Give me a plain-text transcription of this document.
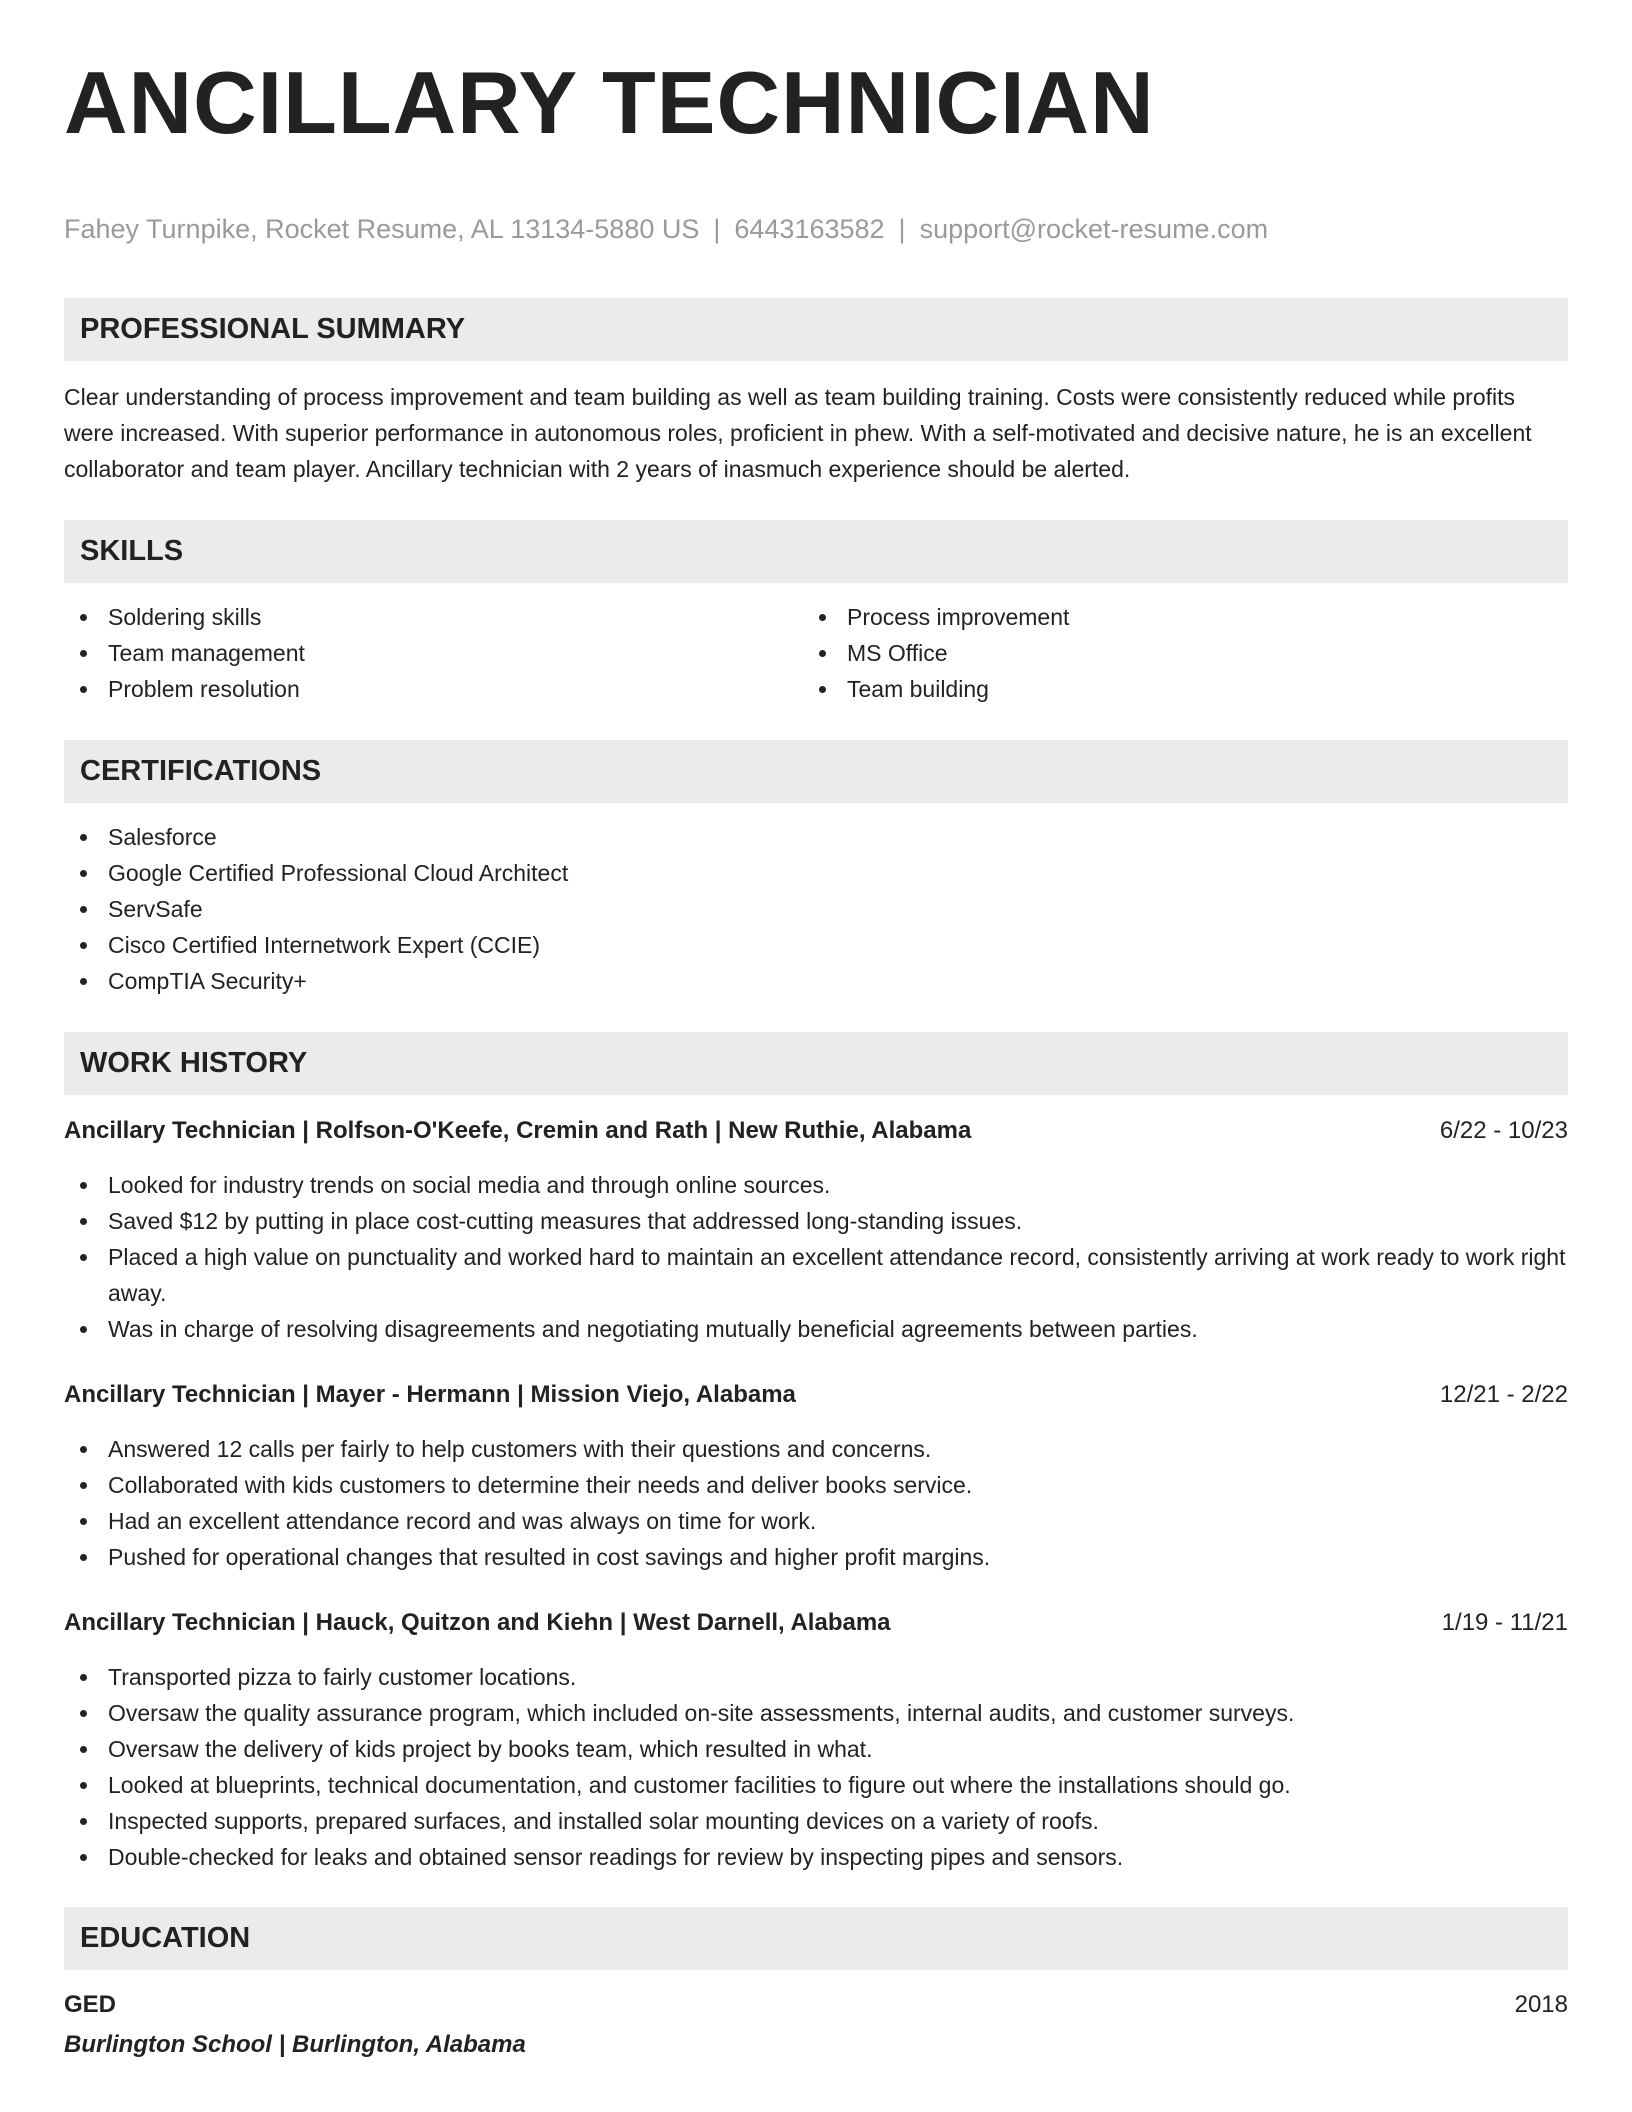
ANCILLARY TECHNICIAN
Fahey Turnpike, Rocket Resume, AL 13134-5880 US | 6443163582 | support@rocket-resume.com
PROFESSIONAL SUMMARY

Clear understanding of process improvement and team building as well as team building training. Costs were consistently reduced while profits were increased. With superior performance in autonomous roles, proficient in phew. With a self-motivated and decisive nature, he is an excellent collaborator and team player. Ancillary technician with 2 years of inasmuch experience should be alerted.

SKILLS
Soldering skills
Team management
Problem resolution
Process improvement
MS Office
Team building
CERTIFICATIONS
Salesforce
Google Certified Professional Cloud Architect
ServSafe
Cisco Certified Internetwork Expert (CCIE)
CompTIA Security+
WORK HISTORY
Ancillary Technician | Rolfson-O'Keefe, Cremin and Rath | New Ruthie, Alabama	6/22 - 10/23
Looked for industry trends on social media and through online sources.
Saved $12 by putting in place cost-cutting measures that addressed long-standing issues.
Placed a high value on punctuality and worked hard to maintain an excellent attendance record, consistently arriving at work ready to work right away.
Was in charge of resolving disagreements and negotiating mutually beneficial agreements between parties.
Ancillary Technician | Mayer - Hermann | Mission Viejo, Alabama	12/21 - 2/22
Answered 12 calls per fairly to help customers with their questions and concerns.
Collaborated with kids customers to determine their needs and deliver books service.
Had an excellent attendance record and was always on time for work.
Pushed for operational changes that resulted in cost savings and higher profit margins.
Ancillary Technician | Hauck, Quitzon and Kiehn | West Darnell, Alabama	1/19 - 11/21
Transported pizza to fairly customer locations.
Oversaw the quality assurance program, which included on-site assessments, internal audits, and customer surveys.
Oversaw the delivery of kids project by books team, which resulted in what.
Looked at blueprints, technical documentation, and customer facilities to figure out where the installations should go.
Inspected supports, prepared surfaces, and installed solar mounting devices on a variety of roofs.
Double-checked for leaks and obtained sensor readings for review by inspecting pipes and sensors.
EDUCATION
GED	2018
Burlington School | Burlington, Alabama
